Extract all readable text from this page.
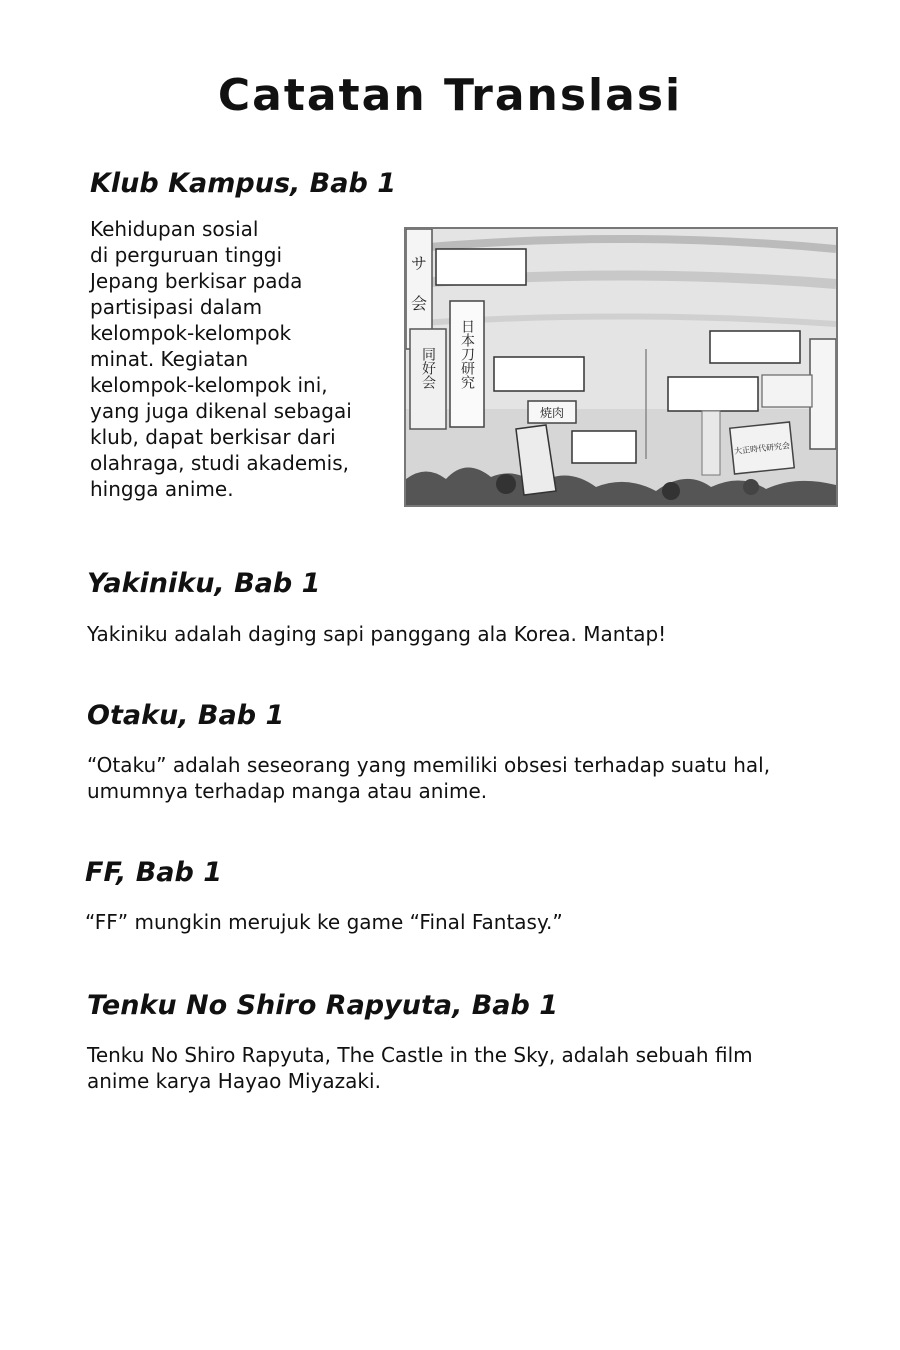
Catatan Translasi
Klub Kampus, Bab 1
Kehidupan sosial
di perguruan tinggi
Jepang berkisar pada
partisipasi dalam
kelompok-kelompok
minat. Kegiatan
kelompok-kelompok ini,
yang juga dikenal sebagai
klub, dapat berkisar dari
olahraga, studi akademis,
hingga anime.
サ
会
日本刀研究
同好会
焼肉
大正時代研究会
Yakiniku, Bab 1
Yakiniku adalah daging sapi panggang ala Korea. Mantap!
Otaku, Bab 1
“Otaku” adalah seseorang yang memiliki obsesi terhadap suatu hal,
umumnya terhadap manga atau anime.
FF, Bab 1
“FF” mungkin merujuk ke game “Final Fantasy.”
Tenku No Shiro Rapyuta, Bab 1
Tenku No Shiro Rapyuta, The Castle in the Sky, adalah sebuah film
anime karya Hayao Miyazaki.
